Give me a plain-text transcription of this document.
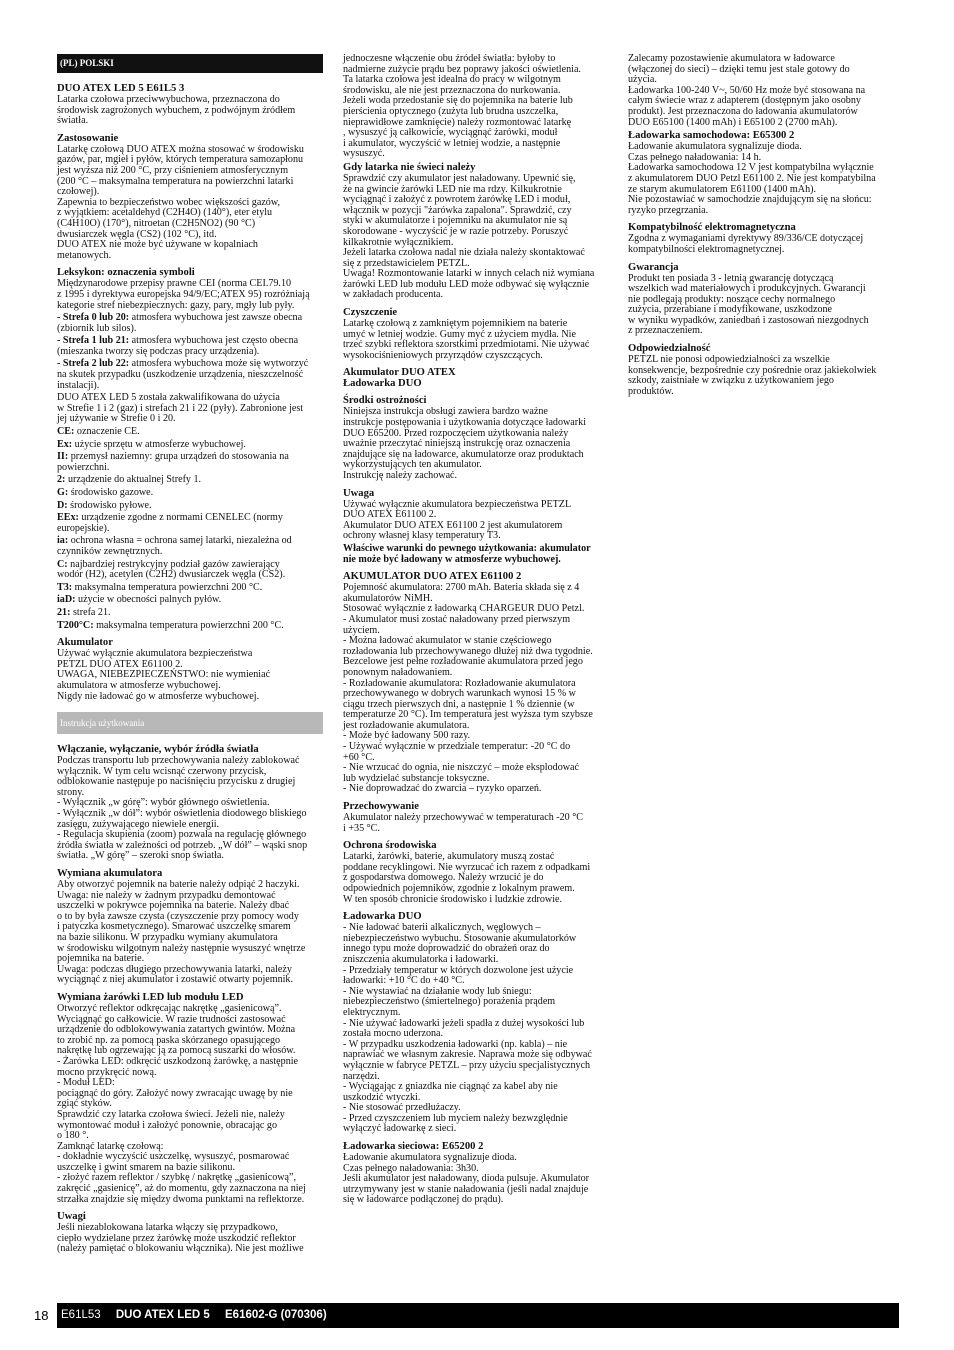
(PL) POLSKI
DUO ATEX LED 5 E61L5 3

Latarka czołowa przeciwwybuchowa, przeznaczona do
środowisk zagrożonych wybuchem, z podwójnym źródłem
światła.

Zastosowanie

Latarkę czołową DUO ATEX można stosować w środowisku
gazów, par, mgieł i pyłów, których temperatura samozapłonu
jest wyższa niż 200 °C, przy ciśnieniem atmosferycznym
(200 °C – maksymalna temperatura na powierzchni latarki
czołowej).
Zapewnia to bezpieczeństwo wobec większości gazów,
z wyjątkiem: acetaldehyd (C2H4O) (140°), eter etylu
(C4H10O) (170°), nitroetan (C2H5NO2) (90 °C)
dwusiarczek węgla (CS2) (102 °C), itd.
DUO ATEX nie może być używane w kopalniach
metanowych.

Leksykon: oznaczenia symboli

Międzynarodowe przepisy prawne CEI (norma CEI.79.10
z 1995 i dyrektywa europejska 94/9/EC;ATEX 95) rozróżniają
kategorie stref niebezpiecznych: gazy, pary, mgły lub pyły.

- Strefa 0 lub 20: atmosfera wybuchowa jest zawsze obecna
(zbiornik lub silos).

- Strefa 1 lub 21: atmosfera wybuchowa jest często obecna
(mieszanka tworzy się podczas pracy urządzenia).

- Strefa 2 lub 22: atmosfera wybuchowa może się wytworzyć
na skutek przypadku (uszkodzenie urządzenia, nieszczelność
instalacji).

DUO ATEX LED 5 została zakwalifikowana do użycia
w Strefie 1 i 2 (gaz) i strefach 21 i 22 (pyły). Zabronione jest
jej używanie w Strefie 0 i 20.

CE: oznaczenie CE.

Ex: użycie sprzętu w atmosferze wybuchowej.

II: przemysł naziemny: grupa urządzeń do stosowania na
powierzchni.

2: urządzenie do aktualnej Strefy 1.

G: środowisko gazowe.

D: środowisko pyłowe.

EEx: urządzenie zgodne z normami CENELEC (normy
europejskie).

ia: ochrona własna = ochrona samej latarki, niezależna od
czynników zewnętrznych.

C: najbardziej restrykcyjny podział gazów zawierający
wodór (H2), acetylen (C2H2) dwusiarczek węgla (CS2).

T3: maksymalna temperatura powierzchni 200 °C.

iaD: użycie w obecności palnych pyłów.

21: strefa 21.

T200°C: maksymalna temperatura powierzchni 200 °C.

Akumulator

Używać wyłącznie akumulatora bezpieczeństwa
PETZL DUO ATEX E61100 2.
UWAGA, NIEBEZPIECZEŃSTWO: nie wymieniać
akumulatora w atmosferze wybuchowej.
Nigdy nie ładować go w atmosferze wybuchowej.

Instrukcja użytkowania
Włączanie, wyłączanie, wybór źródła światła

Podczas transportu lub przechowywania należy zablokować
wyłącznik. W tym celu wcisnąć czerwony przycisk,
odblokowanie następuje po naciśnięciu przycisku z drugiej
strony.
- Wyłącznik „w górę”: wybór głównego oświetlenia.
- Wyłącznik „w dół”: wybór oświetlenia diodowego bliskiego
zasięgu, zużywającego niewiele energii.
- Regulacja skupienia (zoom) pozwala na regulację głównego
źródła światła w zależności od potrzeb. „W dół” – wąski snop
światła. „W górę” – szeroki snop światła.

Wymiana akumulatora

Aby otworzyć pojemnik na baterie należy odpiąć 2 haczyki.
Uwaga: nie należy w żadnym przypadku demontować
uszczelki w pokrywce pojemnika na baterie. Należy dbać
o to by była zawsze czysta (czyszczenie przy pomocy wody
i patyczka kosmetycznego). Smarować uszczelkę smarem
na bazie silikonu. W przypadku wymiany akumulatora
w środowisku wilgotnym należy następnie wysuszyć wnętrze
pojemnika na baterie.
Uwaga: podczas długiego przechowywania latarki, należy
wyciągnąć z niej akumulator i zostawić otwarty pojemnik.

Wymiana żarówki LED lub modułu LED

Otworzyć reflektor odkręcając nakrętkę „gasienicową”.
Wyciągnąć go całkowicie. W razie trudności zastosować
urządzenie do odblokowywania zatartych gwintów. Można
to zrobić np. za pomocą paska skórzanego opasującego
nakrętkę lub ogrzewając ją za pomocą suszarki do włosów.
- Żarówka LED: odkręcić uszkodzoną żarówkę, a następnie
mocno przykręcić nową.
- Moduł LED:
pociągnąć do góry. Założyć nowy zwracając uwagę by nie
zgiąć styków.
Sprawdzić czy latarka czołowa świeci. Jeżeli nie, należy
wymontować moduł i założyć ponownie, obracając go
o 180 °.
Zamknąć latarkę czołową:
- dokładnie wyczyścić uszczelkę, wysuszyć, posmarować
uszczelkę i gwint smarem na bazie silikonu.
- złożyć razem reflektor / szybkę / nakrętkę „gasienicową”,
zakręcić „gasienicę”, aż do momentu, gdy zaznaczona na niej
strzałka znajdzie się między dwoma punktami na reflektorze.

Uwagi

Jeśli niezablokowana latarka włączy się przypadkowo,
ciepło wydzielane przez żarówkę może uszkodzić reflektor
(należy pamiętać o blokowaniu włącznika). Nie jest możliwe

jednoczesne włączenie obu źródeł światła: byłoby to
nadmierne zużycie prądu bez poprawy jakości oświetlenia.
Ta latarka czołowa jest idealna do pracy w wilgotnym
środowisku, ale nie jest przeznaczona do nurkowania.
Jeżeli woda przedostanie się do pojemnika na baterie lub
pierścienia optycznego (zużyta lub brudna uszczelka,
nieprawidłowe zamknięcie) należy rozmontować latarkę
, wysuszyć ją całkowicie, wyciągnąć żarówki, moduł
i akumulator, wyczyścić w letniej wodzie, a następnie
wysuszyć.

Gdy latarka nie świeci należy

Sprawdzić czy akumulator jest naładowany. Upewnić się,
że na gwincie żarówki LED nie ma rdzy. Kilkukrotnie
wyciągnąć i założyć z powrotem żarówkę LED i moduł,
włącznik w pozycji "żarówka zapalona". Sprawdzić, czy
styki w akumulatorze i pojemniku na akumulator nie są
skorodowane - wyczyścić je w razie potrzeby. Poruszyć
kilkakrotnie wyłącznikiem.
Jeżeli latarka czołowa nadal nie działa należy skontaktować
się z przedstawicielem PETZL.
Uwaga! Rozmontowanie latarki w innych celach niż wymiana
żarówki LED lub modułu LED może odbywać się wyłącznie
w zakładach producenta.

Czyszczenie

Latarkę czołową z zamkniętym pojemnikiem na baterie
umyć w letniej wodzie. Gumy myć z użyciem mydła. Nie
trzeć szybki reflektora szorstkimi przedmiotami. Nie używać
wysokociśnieniowych przyrządów czyszczących.

Akumulator DUO ATEX
Ładowarka DUO
Środki ostrożności

Niniejsza instrukcja obsługi zawiera bardzo ważne
instrukcje postępowania i użytkowania dotyczące ładowarki
DUO E65200. Przed rozpoczęciem użytkowania należy
uważnie przeczytać niniejszą instrukcję oraz oznaczenia
znajdujące się na ładowarce, akumulatorze oraz produktach
wykorzystujących ten akumulator.
Instrukcję należy zachować.

Uwaga

Używać wyłącznie akumulatora bezpieczeństwa PETZL
DUO ATEX E61100 2.
Akumulator DUO ATEX E61100 2 jest akumulatorem
ochrony własnej klasy temperatury T3.

Właściwe warunki do pewnego użytkowania: akumulator
nie może być ładowany w atmosferze wybuchowej.

AKUMULATOR DUO ATEX E61100 2

Pojemność akumulatora: 2700 mAh. Bateria składa się z 4
akumulatorów NiMH.
Stosować wyłącznie z ładowarką CHARGEUR DUO Petzl.
- Akumulator musi zostać naładowany przed pierwszym
użyciem.
- Można ładować akumulator w stanie częściowego
rozładowania lub przechowywanego dłużej niż dwa tygodnie.
Bezcelowe jest pełne rozładowanie akumulatora przed jego
ponownym naładowaniem.
- Rozładowanie akumulatora: Rozładowanie akumulatora
przechowywanego w dobrych warunkach wynosi 15 % w
ciągu trzech pierwszych dni, a następnie 1 % dziennie (w
temperaturze 20 °C). Im temperatura jest wyższa tym szybsze
jest rozładowanie akumulatora.
- Może być ładowany 500 razy.
- Używać wyłącznie w przedziale temperatur: -20 °C do
+60 °C.
- Nie wrzucać do ognia, nie niszczyć – może eksplodować
lub wydzielać substancje toksyczne.
- Nie doprowadzać do zwarcia – ryzyko oparzeń.

Przechowywanie

Akumulator należy przechowywać w temperaturach -20 °C
i +35 °C.

Ochrona środowiska

Latarki, żarówki, baterie, akumulatory muszą zostać
poddane recyklingowi. Nie wyrzucać ich razem z odpadkami
z gospodarstwa domowego. Należy wrzucić je do
odpowiednich pojemników, zgodnie z lokalnym prawem.
W ten sposób chronicie środowisko i ludzkie zdrowie.

Ładowarka DUO

- Nie ładować baterii alkalicznych, węglowych –
niebezpieczeństwo wybuchu. Stosowanie akumulatorków
innego typu może doprowadzić do obrażeń oraz do
zniszczenia akumulatorka i ładowarki.
- Przedziały temperatur w których dozwolone jest użycie
ładowarki: +10 °C do +40 °C.
- Nie wystawiać na działanie wody lub śniegu:
niebezpieczeństwo (śmiertelnego) porażenia prądem
elektrycznym.
- Nie używać ładowarki jeżeli spadła z dużej wysokości lub
została mocno uderzona.
- W przypadku uszkodzenia ładowarki (np. kabla) – nie
naprawiać we własnym zakresie. Naprawa może się odbywać
wyłącznie w fabryce PETZL – przy użyciu specjalistycznych
narzędzi.
- Wyciągając z gniazdka nie ciągnąć za kabel aby nie
uszkodzić wtyczki.
- Nie stosować przedłużaczy.
- Przed czyszczeniem lub myciem należy bezwzględnie
wyłączyć ładowarkę z sieci.

Ładowarka sieciowa: E65200 2

Ładowanie akumulatora sygnalizuje dioda.
Czas pełnego naładowania: 3h30.
Jeśli akumulator jest naładowany, dioda pulsuje. Akumulator
utrzymywany jest w stanie naładowania (jeśli nadal znajduje
się w ładowarce podłączonej do prądu).

Zalecamy pozostawienie akumulatora w ładowarce
(włączonej do sieci) – dzięki temu jest stale gotowy do
użycia.
Ładowarka 100-240 V~, 50/60 Hz może być stosowana na
całym świecie wraz z adapterem (dostępnym jako osobny
produkt). Jest przeznaczona do ładowania akumulatorów
DUO E65100 (1400 mAh) i E65100 2 (2700 mAh).

Ładowarka samochodowa: E65300 2

Ładowanie akumulatora sygnalizuje dioda.
Czas pełnego naładowania: 14 h.
Ładowarka samochodowa 12 V jest kompatybilna wyłącznie
z akumulatorem DUO Petzl E61100 2. Nie jest kompatybilna
ze starym akumulatorem E61100 (1400 mAh).
Nie pozostawiać w samochodzie znajdującym się na słońcu:
ryzyko przegrzania.

Kompatybilność elektromagnetyczna

Zgodna z wymaganiami dyrektywy 89/336/CE dotyczącej
kompatybilności elektromagnetycznej.

Gwarancja

Produkt ten posiada 3 - letnią gwarancję dotyczącą
wszelkich wad materiałowych i produkcyjnych. Gwarancji
nie podlegają produkty: noszące cechy normalnego
zużycia, przerabiane i modyfikowane, uszkodzone
w wyniku wypadków, zaniedbań i zastosowań niezgodnych
z przeznaczeniem.

Odpowiedzialność

PETZL nie ponosi odpowiedzialności za wszelkie
konsekwencje, bezpośrednie czy pośrednie oraz jakiekolwiek
szkody, zaistniałe w związku z użytkowaniem jego
produktów.

18	E61L53 DUO ATEX LED 5 E61602-G (070306)
